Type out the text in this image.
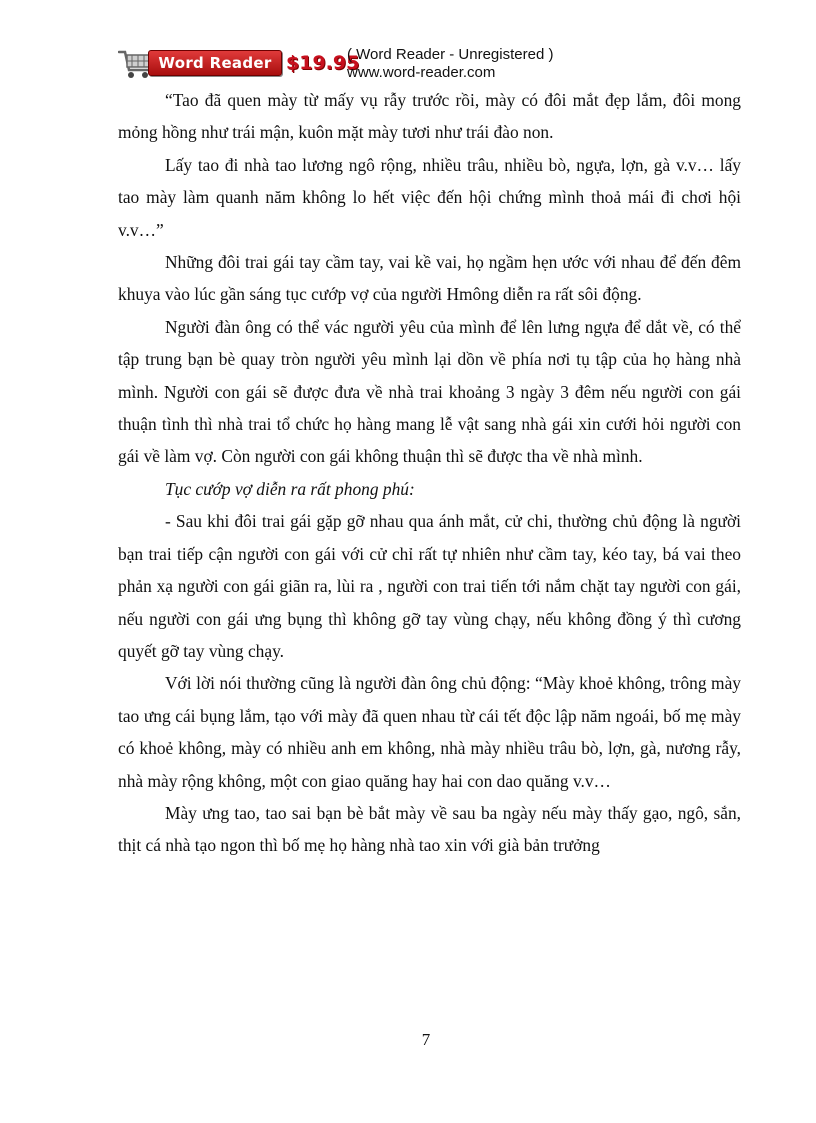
Word Reader $19.95
( Word Reader - Unregistered )
www.word-reader.com

“Tao đã quen mày từ mấy vụ rẫy trước rồi, mày có đôi mắt đẹp lắm, đôi mong mỏng hồng như trái mận, kuôn mặt mày tươi như trái đào non.

Lấy tao đi nhà tao lương ngô rộng, nhiều trâu, nhiều bò, ngựa, lợn, gà v.v… lấy tao mày làm quanh năm không lo hết việc đến hội chứng mình thoả mái đi chơi hội v.v…”

Những đôi trai gái tay cầm tay, vai kề vai, họ ngầm hẹn ước với nhau để đến đêm khuya vào lúc gần sáng tục cướp vợ của người Hmông diễn ra rất sôi động.

Người đàn ông có thể vác người yêu của mình để lên lưng ngựa để dắt về, có thể tập trung bạn bè quay tròn người yêu mình lại dồn về phía nơi tụ tập của họ hàng nhà mình. Người con gái sẽ được đưa về nhà trai khoảng 3 ngày 3 đêm nếu người con gái thuận tình thì nhà trai tổ chức họ hàng mang lễ vật sang nhà gái xin cưới hỏi người con gái về làm vợ. Còn người con gái không thuận thì sẽ được tha về nhà mình.

Tục cướp vợ diễn ra rất phong phú:

- Sau khi đôi trai gái gặp gỡ nhau qua ánh mắt, cử chi, thường chủ động là người bạn trai tiếp cận người con gái với cử chỉ rất tự nhiên như cầm tay, kéo tay, bá vai theo phản xạ người con gái giãn ra, lùi ra , người con trai tiến tới nắm chặt tay người con gái, nếu người con gái ưng bụng thì không gỡ tay vùng chạy, nếu không đồng ý thì cương quyết gỡ tay vùng chạy.

Với lời nói thường cũng là người đàn ông chủ động: “Mày khoẻ không, trông mày tao ưng cái bụng lắm, tạo với mày đã quen nhau từ cái tết độc lập năm ngoái, bố mẹ mày có khoẻ không, mày có nhiều anh em không, nhà mày nhiều trâu bò, lợn, gà, nương rẫy, nhà mày rộng không, một con giao quăng hay hai con dao quăng v.v…

Mày ưng tao, tao sai bạn bè bắt mày về sau ba ngày nếu mày thấy gạo, ngô, sắn, thịt cá nhà tạo ngon thì bố mẹ họ hàng nhà tao xin với già bản trưởng

7
